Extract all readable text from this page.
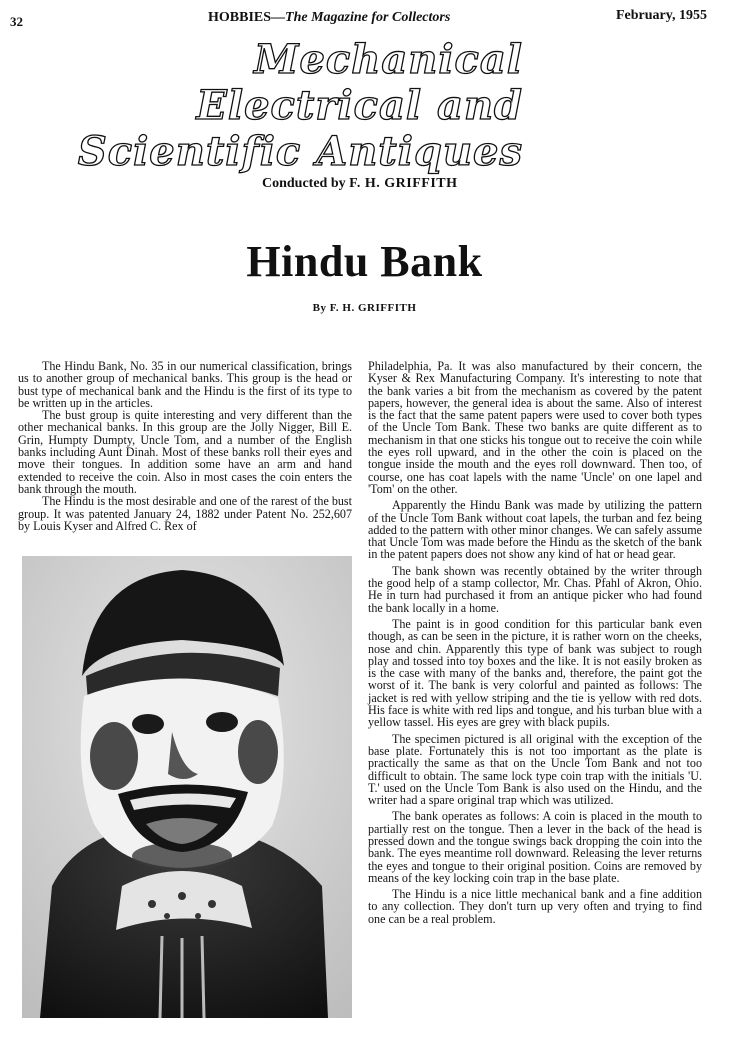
32	HOBBIES—The Magazine for Collectors	February, 1955
Mechanical
Electrical and
Scientific Antiques
Conducted by F. H. GRIFFITH
Hindu Bank
By F. H. GRIFFITH

The Hindu Bank, No. 35 in our numerical classification, brings us to another group of mechanical banks. This group is the head or bust type of mechanical bank and the Hindu is the first of its type to be written up in the articles.

The bust group is quite interesting and very different than the other mechanical banks. In this group are the Jolly Nigger, Bill E. Grin, Humpty Dumpty, Uncle Tom, and a number of the English banks including Aunt Dinah. Most of these banks roll their eyes and move their tongues. In addition some have an arm and hand extended to receive the coin. Also in most cases the coin enters the bank through the mouth.

The Hindu is the most desirable and one of the rarest of the bust group. It was patented January 24, 1882 under Patent No. 252,607 by Louis Kyser and Alfred C. Rex of

Philadelphia, Pa. It was also manufactured by their concern, the Kyser & Rex Manufacturing Company. It's interesting to note that the bank varies a bit from the mechanism as covered by the patent papers, however, the general idea is about the same. Also of interest is the fact that the same patent papers were used to cover both types of the Uncle Tom Bank. These two banks are quite different as to mechanism in that one sticks his tongue out to receive the coin while the eyes roll upward, and in the other the coin is placed on the tongue inside the mouth and the eyes roll downward. Then too, of course, one has coat lapels with the name 'Uncle' on one lapel and 'Tom' on the other.

Apparently the Hindu Bank was made by utilizing the pattern of the Uncle Tom Bank without coat lapels, the turban and fez being added to the pattern with other minor changes. We can safely assume that Uncle Tom was made before the Hindu as the sketch of the bank in the patent papers does not show any kind of hat or head gear.

The bank shown was recently obtained by the writer through the good help of a stamp collector, Mr. Chas. Pfahl of Akron, Ohio. He in turn had purchased it from an antique picker who had found the bank locally in a home.

The paint is in good condition for this particular bank even though, as can be seen in the picture, it is rather worn on the cheeks, nose and chin. Apparently this type of bank was subject to rough play and tossed into toy boxes and the like. It is not easily broken as is the case with many of the banks and, therefore, the paint got the worst of it. The bank is very colorful and painted as follows: The jacket is red with yellow striping and the tie is yellow with red dots. His face is white with red lips and tongue, and his turban blue with a yellow tassel. His eyes are grey with black pupils.

The specimen pictured is all original with the exception of the base plate. Fortunately this is not too important as the plate is practically the same as that on the Uncle Tom Bank and not too difficult to obtain. The same lock type coin trap with the initials 'U. T.' used on the Uncle Tom Bank is also used on the Hindu, and the writer had a spare original trap which was utilized.

The bank operates as follows: A coin is placed in the mouth to partially rest on the tongue. Then a lever in the back of the head is pressed down and the tongue swings back dropping the coin into the bank. The eyes meantime roll downward. Releasing the lever returns the eyes and tongue to their original position. Coins are removed by means of the key locking coin trap in the base plate.

The Hindu is a nice little mechanical bank and a fine addition to any collection. They don't turn up very often and trying to find one can be a real problem.
